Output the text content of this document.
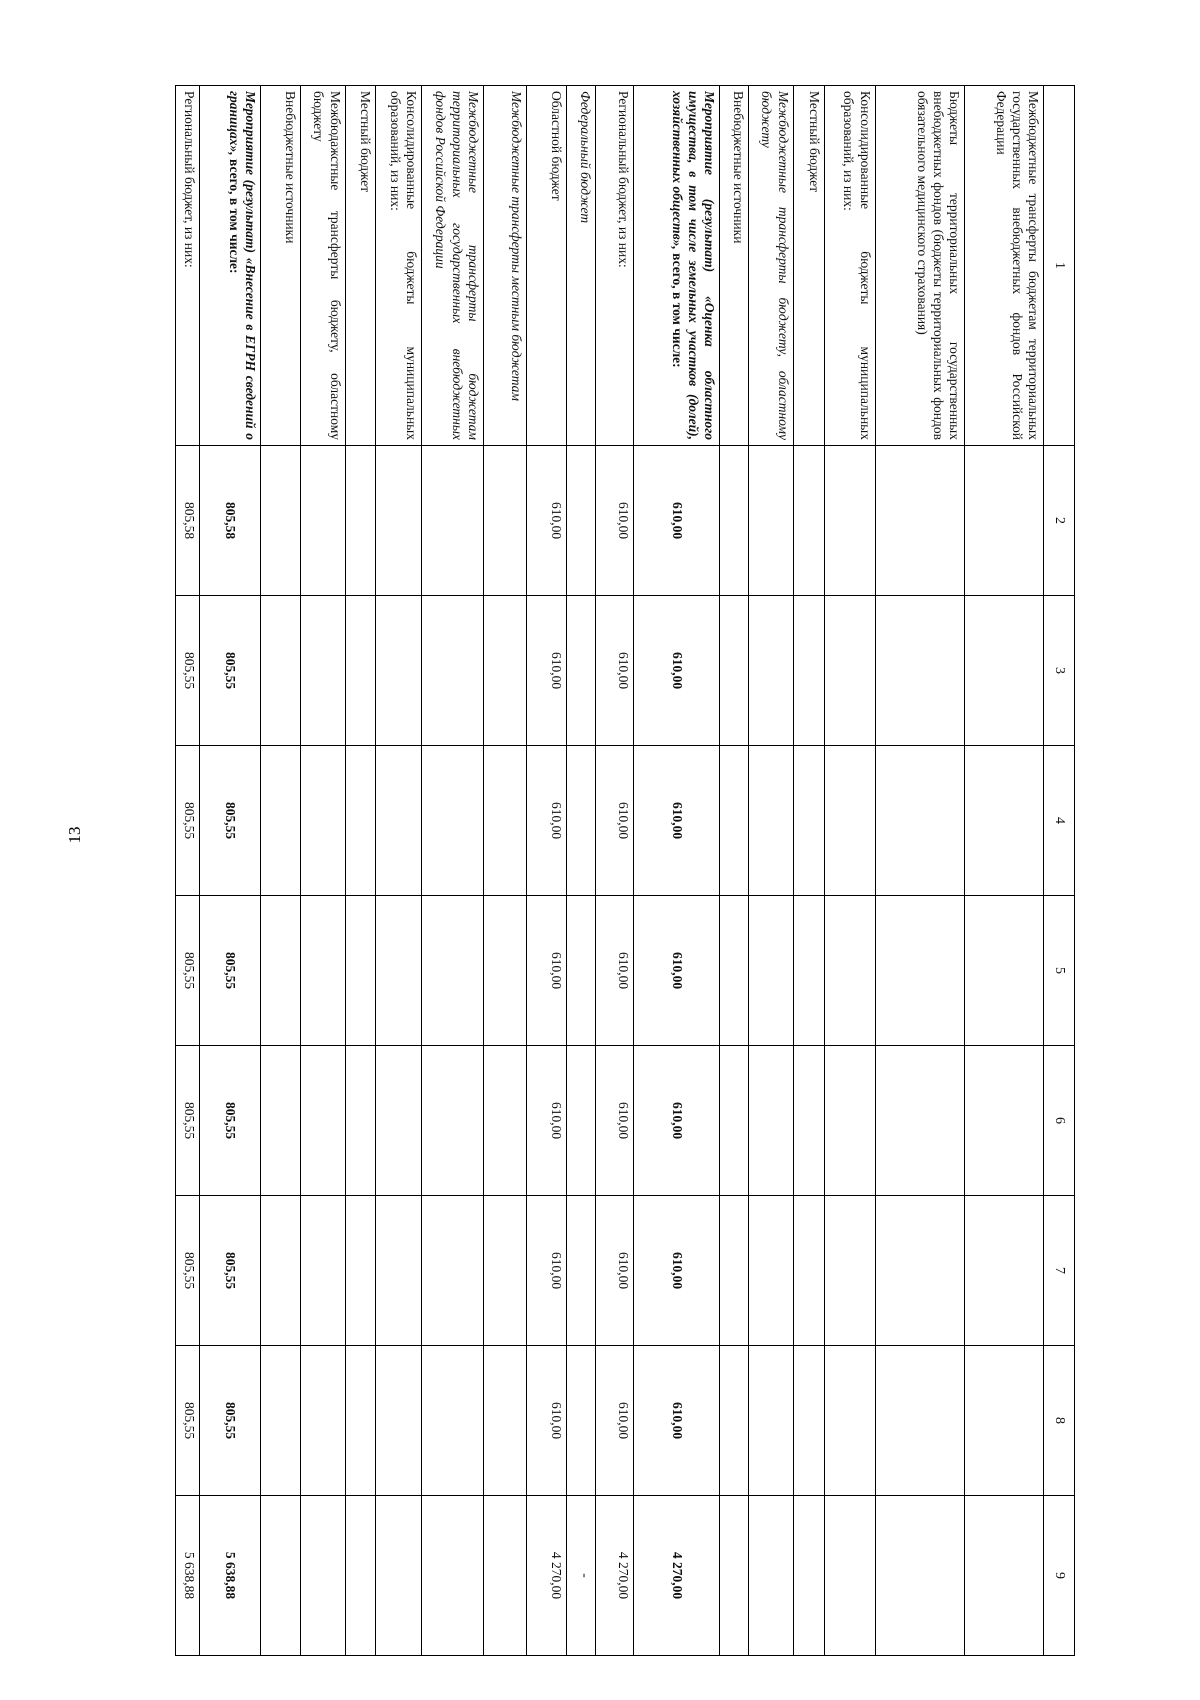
13
1	2	3	4	5	6	7	8	9
Межбюджетные трансферты бюджетам территориальных государственных внебюджетных фондов Российской Федерации								
Бюджеты территориальных государственных внебюджетных фондов (бюджеты территориальных фондов обязательного медицинского страхования)								
Консолидированные бюджеты муниципальных образований, из них:								
Местный бюджет								
Межбюджетные трансферты бюджету, областному бюджету								
Внебюджетные источники								
Мероприятие (результат) «Оценка областного имущества, в том числе земельных участков (долей), хозяйственных обществ», всего, в том числе:	610,00	610,00	610,00	610,00	610,00	610,00	610,00	4 270,00
Региональный бюджет, из них:	610,00	610,00	610,00	610,00	610,00	610,00	610,00	4 270,00
Федеральный бюджет								-
Областной бюджет	610,00	610,00	610,00	610,00	610,00	610,00	610,00	4 270,00
Межбюджетные трансферты местным бюджетам								
Межбюджетные трансферты бюджетам территориальных государственных внебюджетных фондов Российской Федерации								
Консолидированные бюджеты муниципальных образований, из них:								
Местный бюджет								
Межбюдажстные трансферты бюджету, областному бюджету								
Внебюджетные источники								
Мероприятие (результат) «Внесение в ЕГРН сведений о границах», всего, в том числе:	805,58	805,55	805,55	805,55	805,55	805,55	805,55	5 638,88
Региональный бюджет, из них:	805,58	805,55	805,55	805,55	805,55	805,55	805,55	5 638,88
